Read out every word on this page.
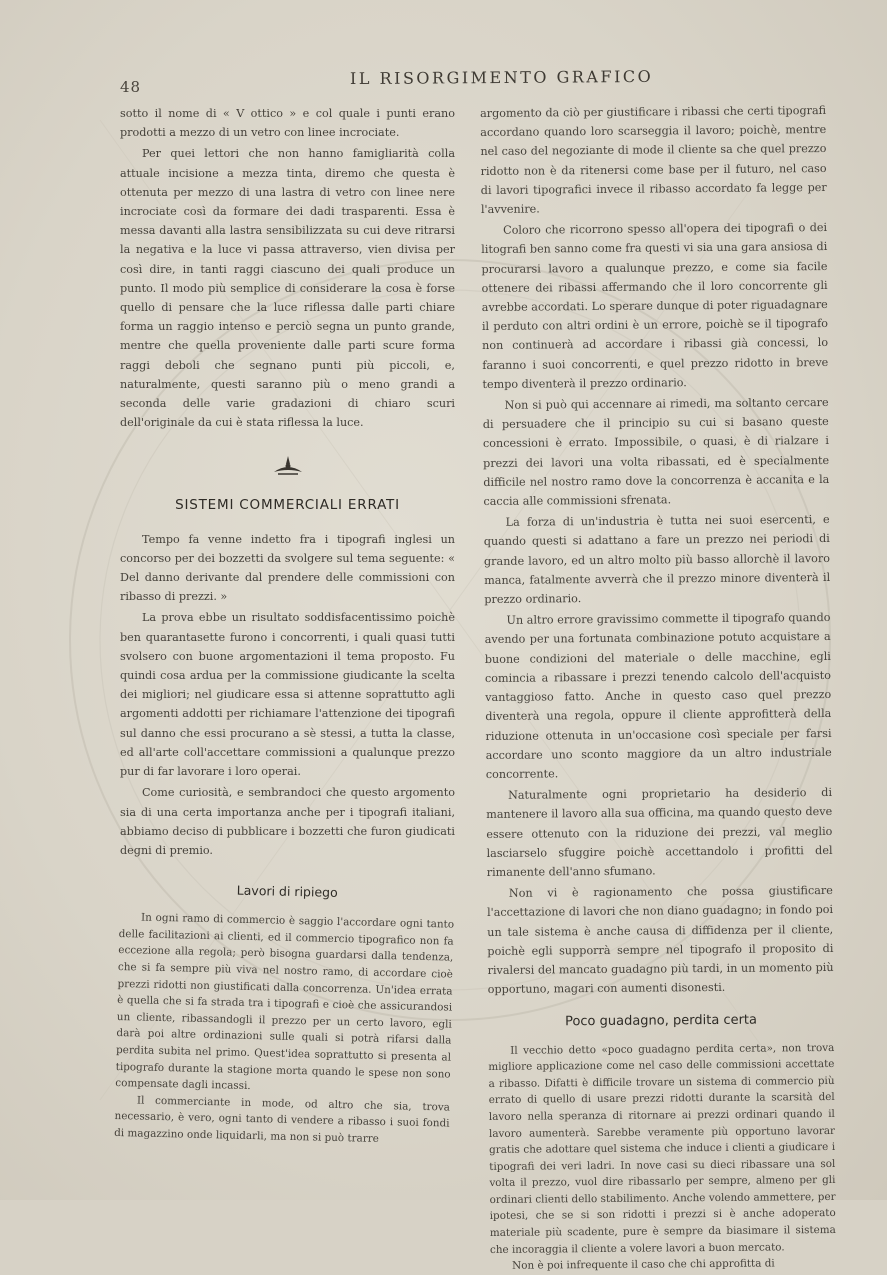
48	IL RISORGIMENTO GRAFICO

sotto il nome di « V ottico » e col quale i punti erano prodotti a mezzo di un vetro con linee incrociate.

Per quei lettori che non hanno famigliarità colla attuale incisione a mezza tinta, diremo che questa è ottenuta per mezzo di una lastra di vetro con linee nere incrociate così da formare dei dadi trasparenti. Essa è messa davanti alla lastra sensibilizzata su cui deve ritrarsi la negativa e la luce vi passa attraverso, vien divisa per così dire, in tanti raggi ciascuno dei quali produce un punto. Il modo più semplice di considerare la cosa è forse quello di pensare che la luce riflessa dalle parti chiare forma un raggio intenso e perciò segna un punto grande, mentre che quella proveniente dalle parti scure forma raggi deboli che segnano punti più piccoli, e, naturalmente, questi saranno più o meno grandi a seconda delle varie gradazioni di chiaro scuri dell'originale da cui è stata riflessa la luce.

SISTEMI COMMERCIALI ERRATI

Tempo fa venne indetto fra i tipografi inglesi un concorso per dei bozzetti da svolgere sul tema seguente: « Del danno derivante dal prendere delle commissioni con ribasso di prezzi. »

La prova ebbe un risultato soddisfacentissimo poichè ben quarantasette furono i concorrenti, i quali quasi tutti svolsero con buone argomentazioni il tema proposto. Fu quindi cosa ardua per la commissione giudicante la scelta dei migliori; nel giudicare essa si attenne soprattutto agli argomenti addotti per richiamare l'attenzione dei tipografi sul danno che essi procurano a sè stessi, a tutta la classe, ed all'arte coll'accettare commissioni a qualunque prezzo pur di far lavorare i loro operai.

Come curiosità, e sembrandoci che questo argomento sia di una certa importanza anche per i tipografi italiani, abbiamo deciso di pubblicare i bozzetti che furon giudicati degni di premio.

Lavori di ripiego

In ogni ramo di commercio è saggio l'accordare ogni tanto delle facilitazioni ai clienti, ed il commercio tipografico non fa eccezione alla regola; però bisogna guardarsi dalla tendenza, che si fa sempre più viva nel nostro ramo, di accordare cioè prezzi ridotti non giustificati dalla concorrenza. Un'idea errata è quella che si fa strada tra i tipografi e cioè che assicurandosi un cliente, ribassandogli il prezzo per un certo lavoro, egli darà poi altre ordinazioni sulle quali si potrà rifarsi dalla perdita subita nel primo. Quest'idea soprattutto si presenta al tipografo durante la stagione morta quando le spese non sono compensate dagli incassi.

Il commerciante in mode, od altro che sia, trova necessario, è vero, ogni tanto di vendere a ribasso i suoi fondi di magazzino onde liquidarli, ma non si può trarre

argomento da ciò per giustificare i ribassi che certi tipografi accordano quando loro scarseggia il lavoro; poichè, mentre nel caso del negoziante di mode il cliente sa che quel prezzo ridotto non è da ritenersi come base per il futuro, nel caso di lavori tipografici invece il ribasso accordato fa legge per l'avvenire.

Coloro che ricorrono spesso all'opera dei tipografi o dei litografi ben sanno come fra questi vi sia una gara ansiosa di procurarsi lavoro a qualunque prezzo, e come sia facile ottenere dei ribassi affermando che il loro concorrente gli avrebbe accordati. Lo sperare dunque di poter riguadagnare il perduto con altri ordini è un errore, poichè se il tipografo non continuerà ad accordare i ribassi già concessi, lo faranno i suoi concorrenti, e quel prezzo ridotto in breve tempo diventerà il prezzo ordinario.

Non si può qui accennare ai rimedi, ma soltanto cercare di persuadere che il principio su cui si basano queste concessioni è errato. Impossibile, o quasi, è di rialzare i prezzi dei lavori una volta ribassati, ed è specialmente difficile nel nostro ramo dove la concorrenza è accanita e la caccia alle commissioni sfrenata.

La forza di un'industria è tutta nei suoi esercenti, e quando questi si adattano a fare un prezzo nei periodi di grande lavoro, ed un altro molto più basso allorchè il lavoro manca, fatalmente avverrà che il prezzo minore diventerà il prezzo ordinario.

Un altro errore gravissimo commette il tipografo quando avendo per una fortunata combinazione potuto acquistare a buone condizioni del materiale o delle macchine, egli comincia a ribassare i prezzi tenendo calcolo dell'acquisto vantaggioso fatto. Anche in questo caso quel prezzo diventerà una regola, oppure il cliente approfitterà della riduzione ottenuta in un'occasione così speciale per farsi accordare uno sconto maggiore da un altro industriale concorrente.

Naturalmente ogni proprietario ha desiderio di mantenere il lavoro alla sua officina, ma quando questo deve essere ottenuto con la riduzione dei prezzi, val meglio lasciarselo sfuggire poichè accettandolo i profitti del rimanente dell'anno sfumano.

Non vi è ragionamento che possa giustificare l'accettazione di lavori che non diano guadagno; in fondo poi un tale sistema è anche causa di diffidenza per il cliente, poichè egli supporrà sempre nel tipografo il proposito di rivalersi del mancato guadagno più tardi, in un momento più opportuno, magari con aumenti disonesti.

Poco guadagno, perdita certa

Il vecchio detto «poco guadagno perdita certa», non trova migliore applicazione come nel caso delle commissioni accettate a ribasso. Difatti è difficile trovare un sistema di commercio più errato di quello di usare prezzi ridotti durante la scarsità del lavoro nella speranza di ritornare ai prezzi ordinari quando il lavoro aumenterà. Sarebbe veramente più opportuno lavorar gratis che adottare quel sistema che induce i clienti a giudicare i tipografi dei veri ladri. In nove casi su dieci ribassare una sol volta il prezzo, vuol dire ribassarlo per sempre, almeno per gli ordinari clienti dello stabilimento. Anche volendo ammettere, per ipotesi, che se si son ridotti i prezzi si è anche adoperato materiale più scadente, pure è sempre da biasimare il sistema che incoraggia il cliente a volere lavori a buon mercato.

Non è poi infrequente il caso che chi approfitta di
